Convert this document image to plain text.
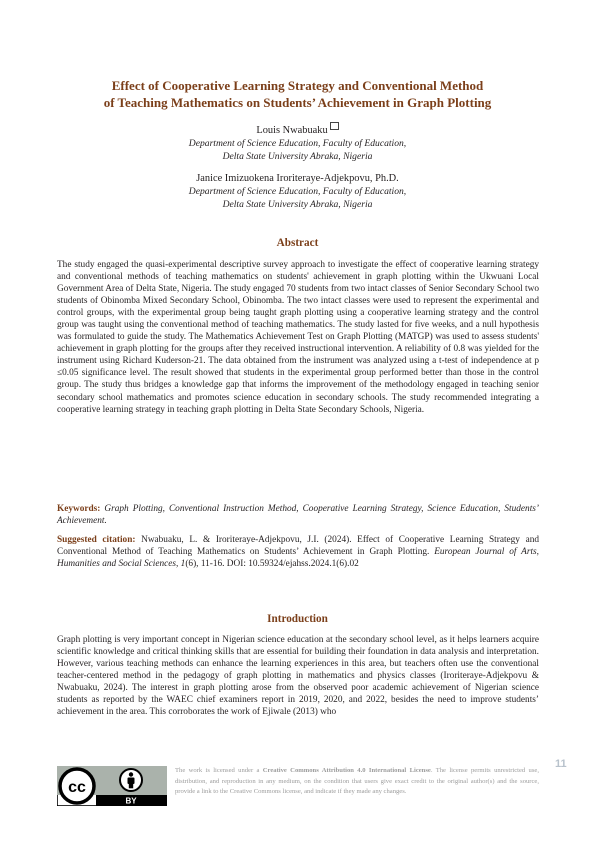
Effect of Cooperative Learning Strategy and Conventional Method
of Teaching Mathematics on Students’ Achievement in Graph Plotting
Louis Nwabuaku
Department of Science Education, Faculty of Education,
Delta State University Abraka, Nigeria
Janice Imizuokena Iroriteraye-Adjekpovu, Ph.D.
Department of Science Education, Faculty of Education,
Delta State University Abraka, Nigeria
Abstract
The study engaged the quasi-experimental descriptive survey approach to investigate the effect of cooperative learning strategy and conventional methods of teaching mathematics on students' achievement in graph plotting within the Ukwuani Local Government Area of Delta State, Nigeria. The study engaged 70 students from two intact classes of Senior Secondary School two students of Obinomba Mixed Secondary School, Obinomba. The two intact classes were used to represent the experimental and control groups, with the experimental group being taught graph plotting using a cooperative learning strategy and the control group was taught using the conventional method of teaching mathematics. The study lasted for five weeks, and a null hypothesis was formulated to guide the study. The Mathematics Achievement Test on Graph Plotting (MATGP) was used to assess students' achievement in graph plotting for the groups after they received instructional intervention. A reliability of 0.8 was yielded for the instrument using Richard Kuderson-21. The data obtained from the instrument was analyzed using a t-test of independence at p ≤0.05 significance level. The result showed that students in the experimental group performed better than those in the control group. The study thus bridges a knowledge gap that informs the improvement of the methodology engaged in teaching senior secondary school mathematics and promotes science education in secondary schools. The study recommended integrating a cooperative learning strategy in teaching graph plotting in Delta State Secondary Schools, Nigeria.
Keywords: Graph Plotting, Conventional Instruction Method, Cooperative Learning Strategy, Science Education, Students’ Achievement.
Suggested citation: Nwabuaku, L. & Iroriteraye-Adjekpovu, J.I. (2024). Effect of Cooperative Learning Strategy and Conventional Method of Teaching Mathematics on Students’ Achievement in Graph Plotting. European Journal of Arts, Humanities and Social Sciences, 1(6), 11-16. DOI: 10.59324/ejahss.2024.1(6).02
Introduction
Graph plotting is very important concept in Nigerian science education at the secondary school level, as it helps learners acquire scientific knowledge and critical thinking skills that are essential for building their foundation in data analysis and interpretation. However, various teaching methods can enhance the learning experiences in this area, but teachers often use the conventional teacher-centered method in the pedagogy of graph plotting in mathematics and physics classes (Iroriteraye-Adjekpovu & Nwabuaku, 2024). The interest in graph plotting arose from the observed poor academic achievement of Nigerian science students as reported by the WAEC chief examiners report in 2019, 2020, and 2022, besides the need to improve students’ achievement in the area. This corroborates the work of Ejiwale (2013) who
11
cc
BY
The work is licensed under a Creative Commons Attribution 4.0 International License. The license permits unrestricted use, distribution, and reproduction in any medium, on the condition that users give exact credit to the original author(s) and the source, provide a link to the Creative Commons license, and indicate if they made any changes.
